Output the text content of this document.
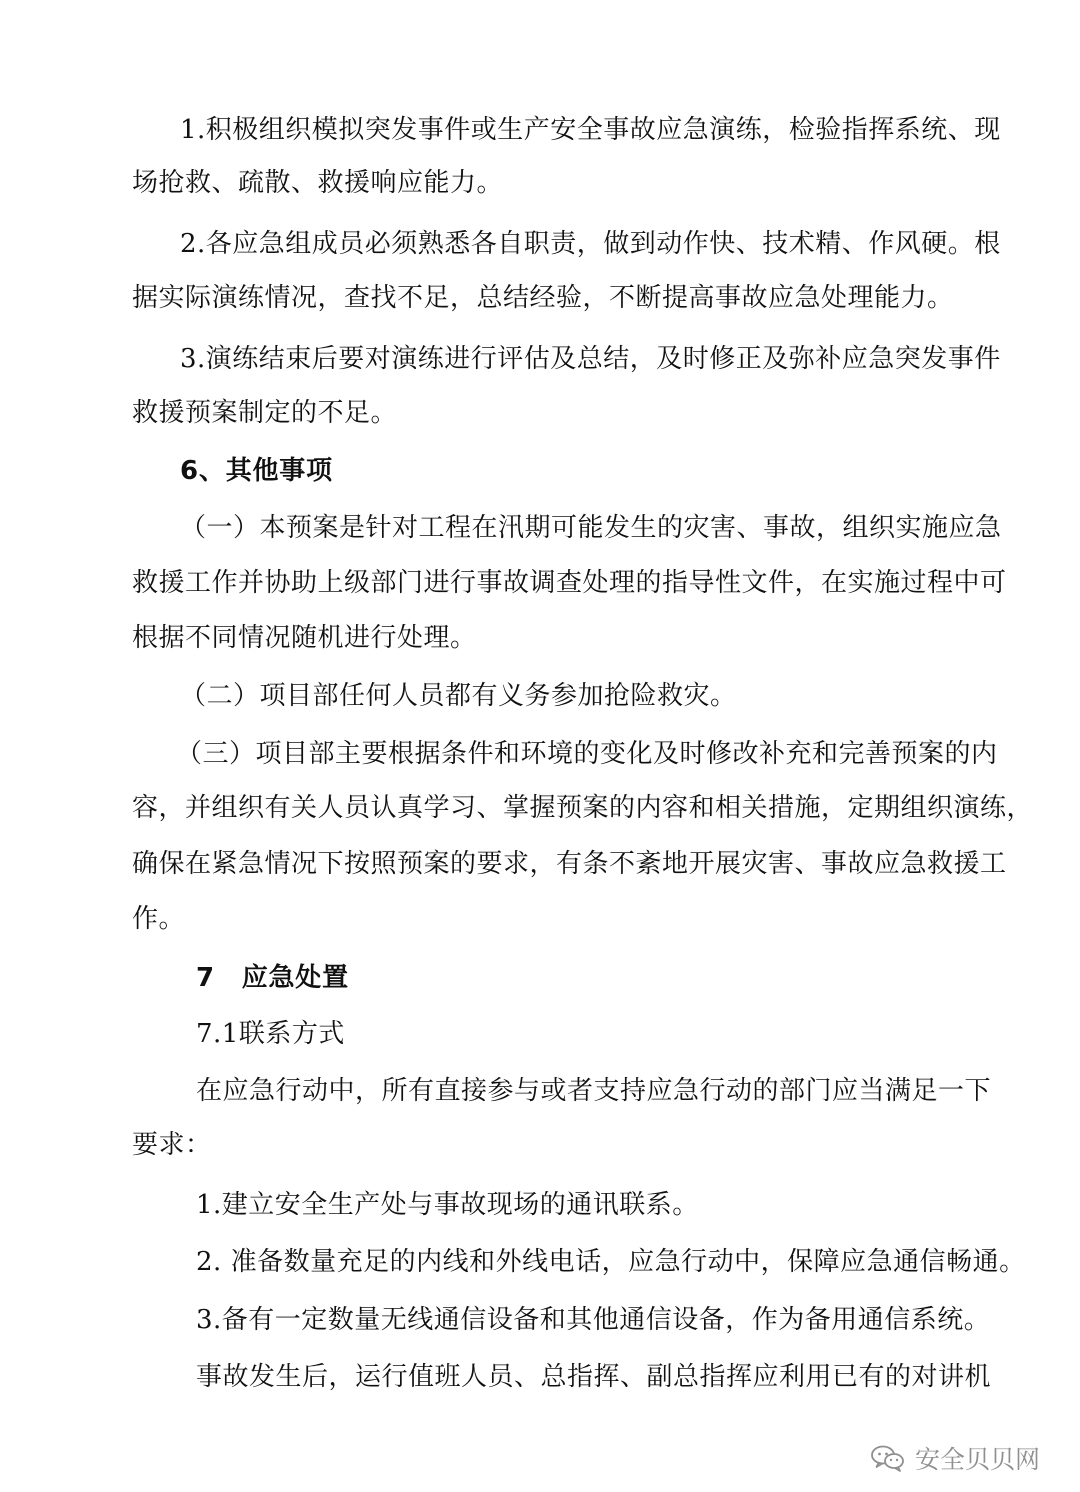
1.积极组织模拟突发事件或生产安全事故应急演练，检验指挥系统、现
场抢救、疏散、救援响应能力。
2.各应急组成员必须熟悉各自职责，做到动作快、技术精、作风硬。根
据实际演练情况，查找不足，总结经验，不断提高事故应急处理能力。
3.演练结束后要对演练进行评估及总结，及时修正及弥补应急突发事件
救援预案制定的不足。
6、其他事项
（一）本预案是针对工程在汛期可能发生的灾害、事故，组织实施应急
救援工作并协助上级部门进行事故调查处理的指导性文件，在实施过程中可
根据不同情况随机进行处理。
（二）项目部任何人员都有义务参加抢险救灾。
（三）项目部主要根据条件和环境的变化及时修改补充和完善预案的内
容，并组织有关人员认真学习、掌握预案的内容和相关措施，定期组织演练，
确保在紧急情况下按照预案的要求，有条不紊地开展灾害、事故应急救援工
作。
7　应急处置
7.1联系方式
在应急行动中，所有直接参与或者支持应急行动的部门应当满足一下
要求：
1.建立安全生产处与事故现场的通讯联系。
2. 准备数量充足的内线和外线电话，应急行动中，保障应急通信畅通。
3.备有一定数量无线通信设备和其他通信设备，作为备用通信系统。
事故发生后，运行值班人员、总指挥、副总指挥应利用已有的对讲机
安全贝贝网
